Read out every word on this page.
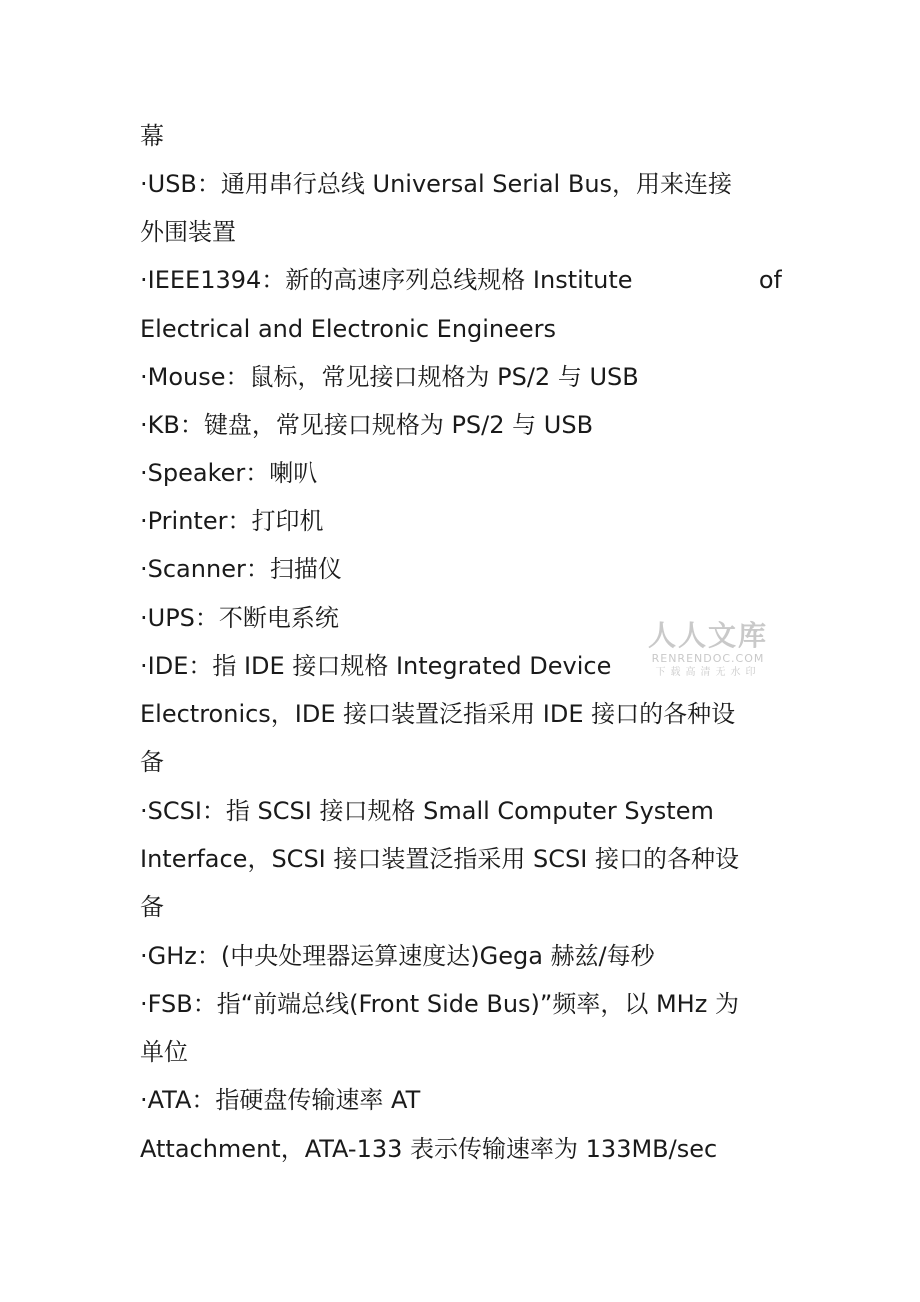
幕
·USB：通用串行总线 Universal Serial Bus，用来连接
外围装置
·IEEE1394：新的高速序列总线规格 Institute	of
Electrical and Electronic Engineers
·Mouse：鼠标，常见接口规格为 PS/2 与 USB
·KB：键盘，常见接口规格为 PS/2 与 USB
·Speaker：喇叭
·Printer：打印机
·Scanner：扫描仪
·UPS：不断电系统
·IDE：指 IDE 接口规格 Integrated Device
Electronics，IDE 接口装置泛指采用 IDE 接口的各种设
备
·SCSI：指 SCSI 接口规格 Small Computer System
Interface，SCSI 接口装置泛指采用 SCSI 接口的各种设
备
·GHz：(中央处理器运算速度达)Gega 赫兹/每秒
·FSB：指“前端总线(Front Side Bus)”频率，以 MHz 为
单位
·ATA：指硬盘传输速率 AT
Attachment，ATA-133 表示传输速率为 133MB/sec
人人文库
RENRENDOC.COM
下载高清无水印
